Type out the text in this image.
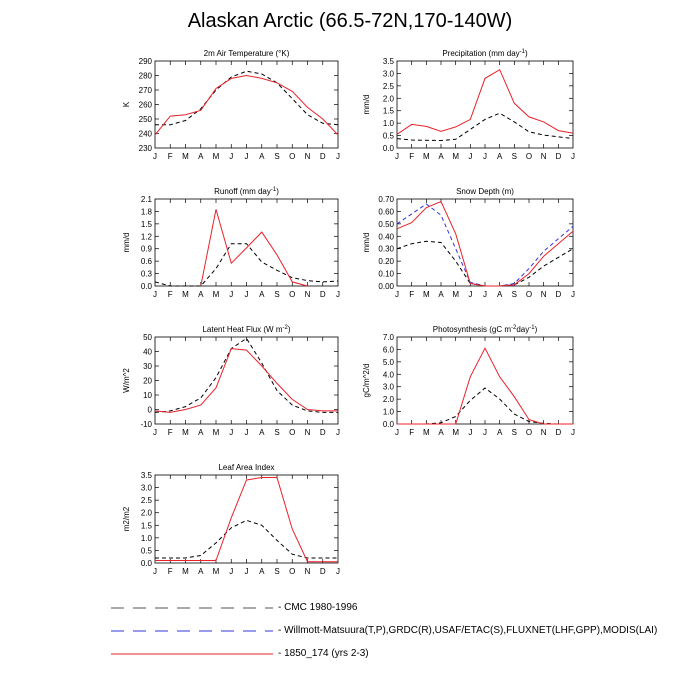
Alaskan Arctic (66.5-72N,170-140W)
2m Air Temperature (°K)
230
240
250
260
270
280
290
J F M A M J J A S O N D J
K
Precipitation (mm day$^{-1}$)
0.0
0.5
1.0
1.5
2.0
2.5
3.0
3.5
J F M A M J J A S O N D J
mm/d
Runoff (mm day$^{-1}$)
0.0
0.3
0.6
0.9
1.2
1.5
1.8
2.1
J F M A M J J A S O N D J
mm/d
Snow Depth (m)
0.00
0.10
0.20
0.30
0.40
0.50
0.60
0.70
J F M A M J J A S O N D J
mm/d
Latent Heat Flux (W $m^{-2}$)
-10
0
10
20
30
40
50
J F M A M J J A S O N D J
W/m^2
Photosynthesis (gC $m^{-2}day^{-1}$)
0.0
1.0
2.0
3.0
4.0
5.0
6.0
7.0
J F M A M J J A S O N D J
gC/m^2/d
Leaf Area Index
0.0
0.5
1.0
1.5
2.0
2.5
3.0
3.5
J F M A M J J A S O N D J
m2/m2
- CMC 1980-1996
- Willmott-Matsuura(T,P),GRDC(R),USAF/ETAC(S),FLUXNET(LHF,GPP),MODIS(LAI)
- 1850_174 (yrs 2-3)
